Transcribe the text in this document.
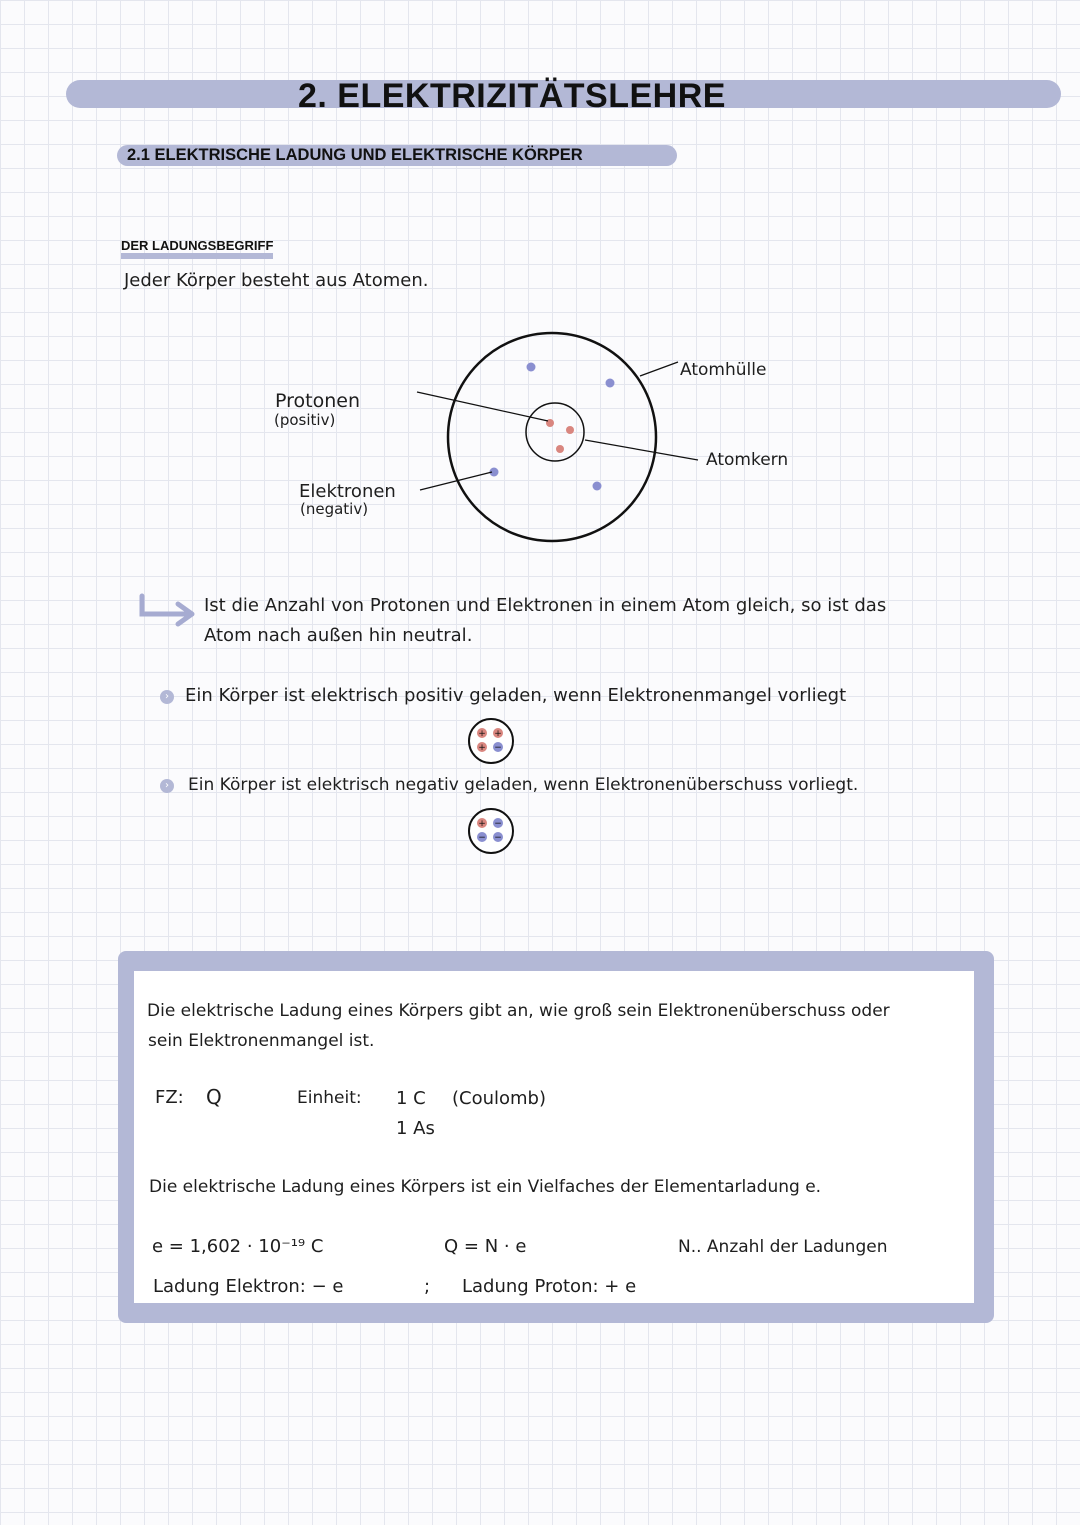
2. ELEKTRIZITÄTSLEHRE
2.1 ELEKTRISCHE LADUNG UND ELEKTRISCHE KÖRPER
DER LADUNGSBEGRIFF
Jeder Körper besteht aus Atomen.
Protonen
(positiv)
Elektronen
(negativ)
Atomhülle
Atomkern
Ist die Anzahl von Protonen und Elektronen in einem Atom gleich, so ist das
Atom nach außen hin neutral.
› Ein Körper ist elektrisch positiv geladen, wenn Elektronenmangel vorliegt
+ +
+ −
› Ein Körper ist elektrisch negativ geladen, wenn Elektronenüberschuss vorliegt.
+ −
− −
Die elektrische Ladung eines Körpers gibt an, wie groß sein Elektronenüberschuss oder
sein Elektronenmangel ist.
FZ: Q	Einheit: 1 C (Coulomb)
1 As
Die elektrische Ladung eines Körpers ist ein Vielfaches der Elementarladung e.
e = 1,602 · 10⁻¹⁹ C	Q = N · e	N.. Anzahl der Ladungen
Ladung Elektron: − e	; Ladung Proton: + e
